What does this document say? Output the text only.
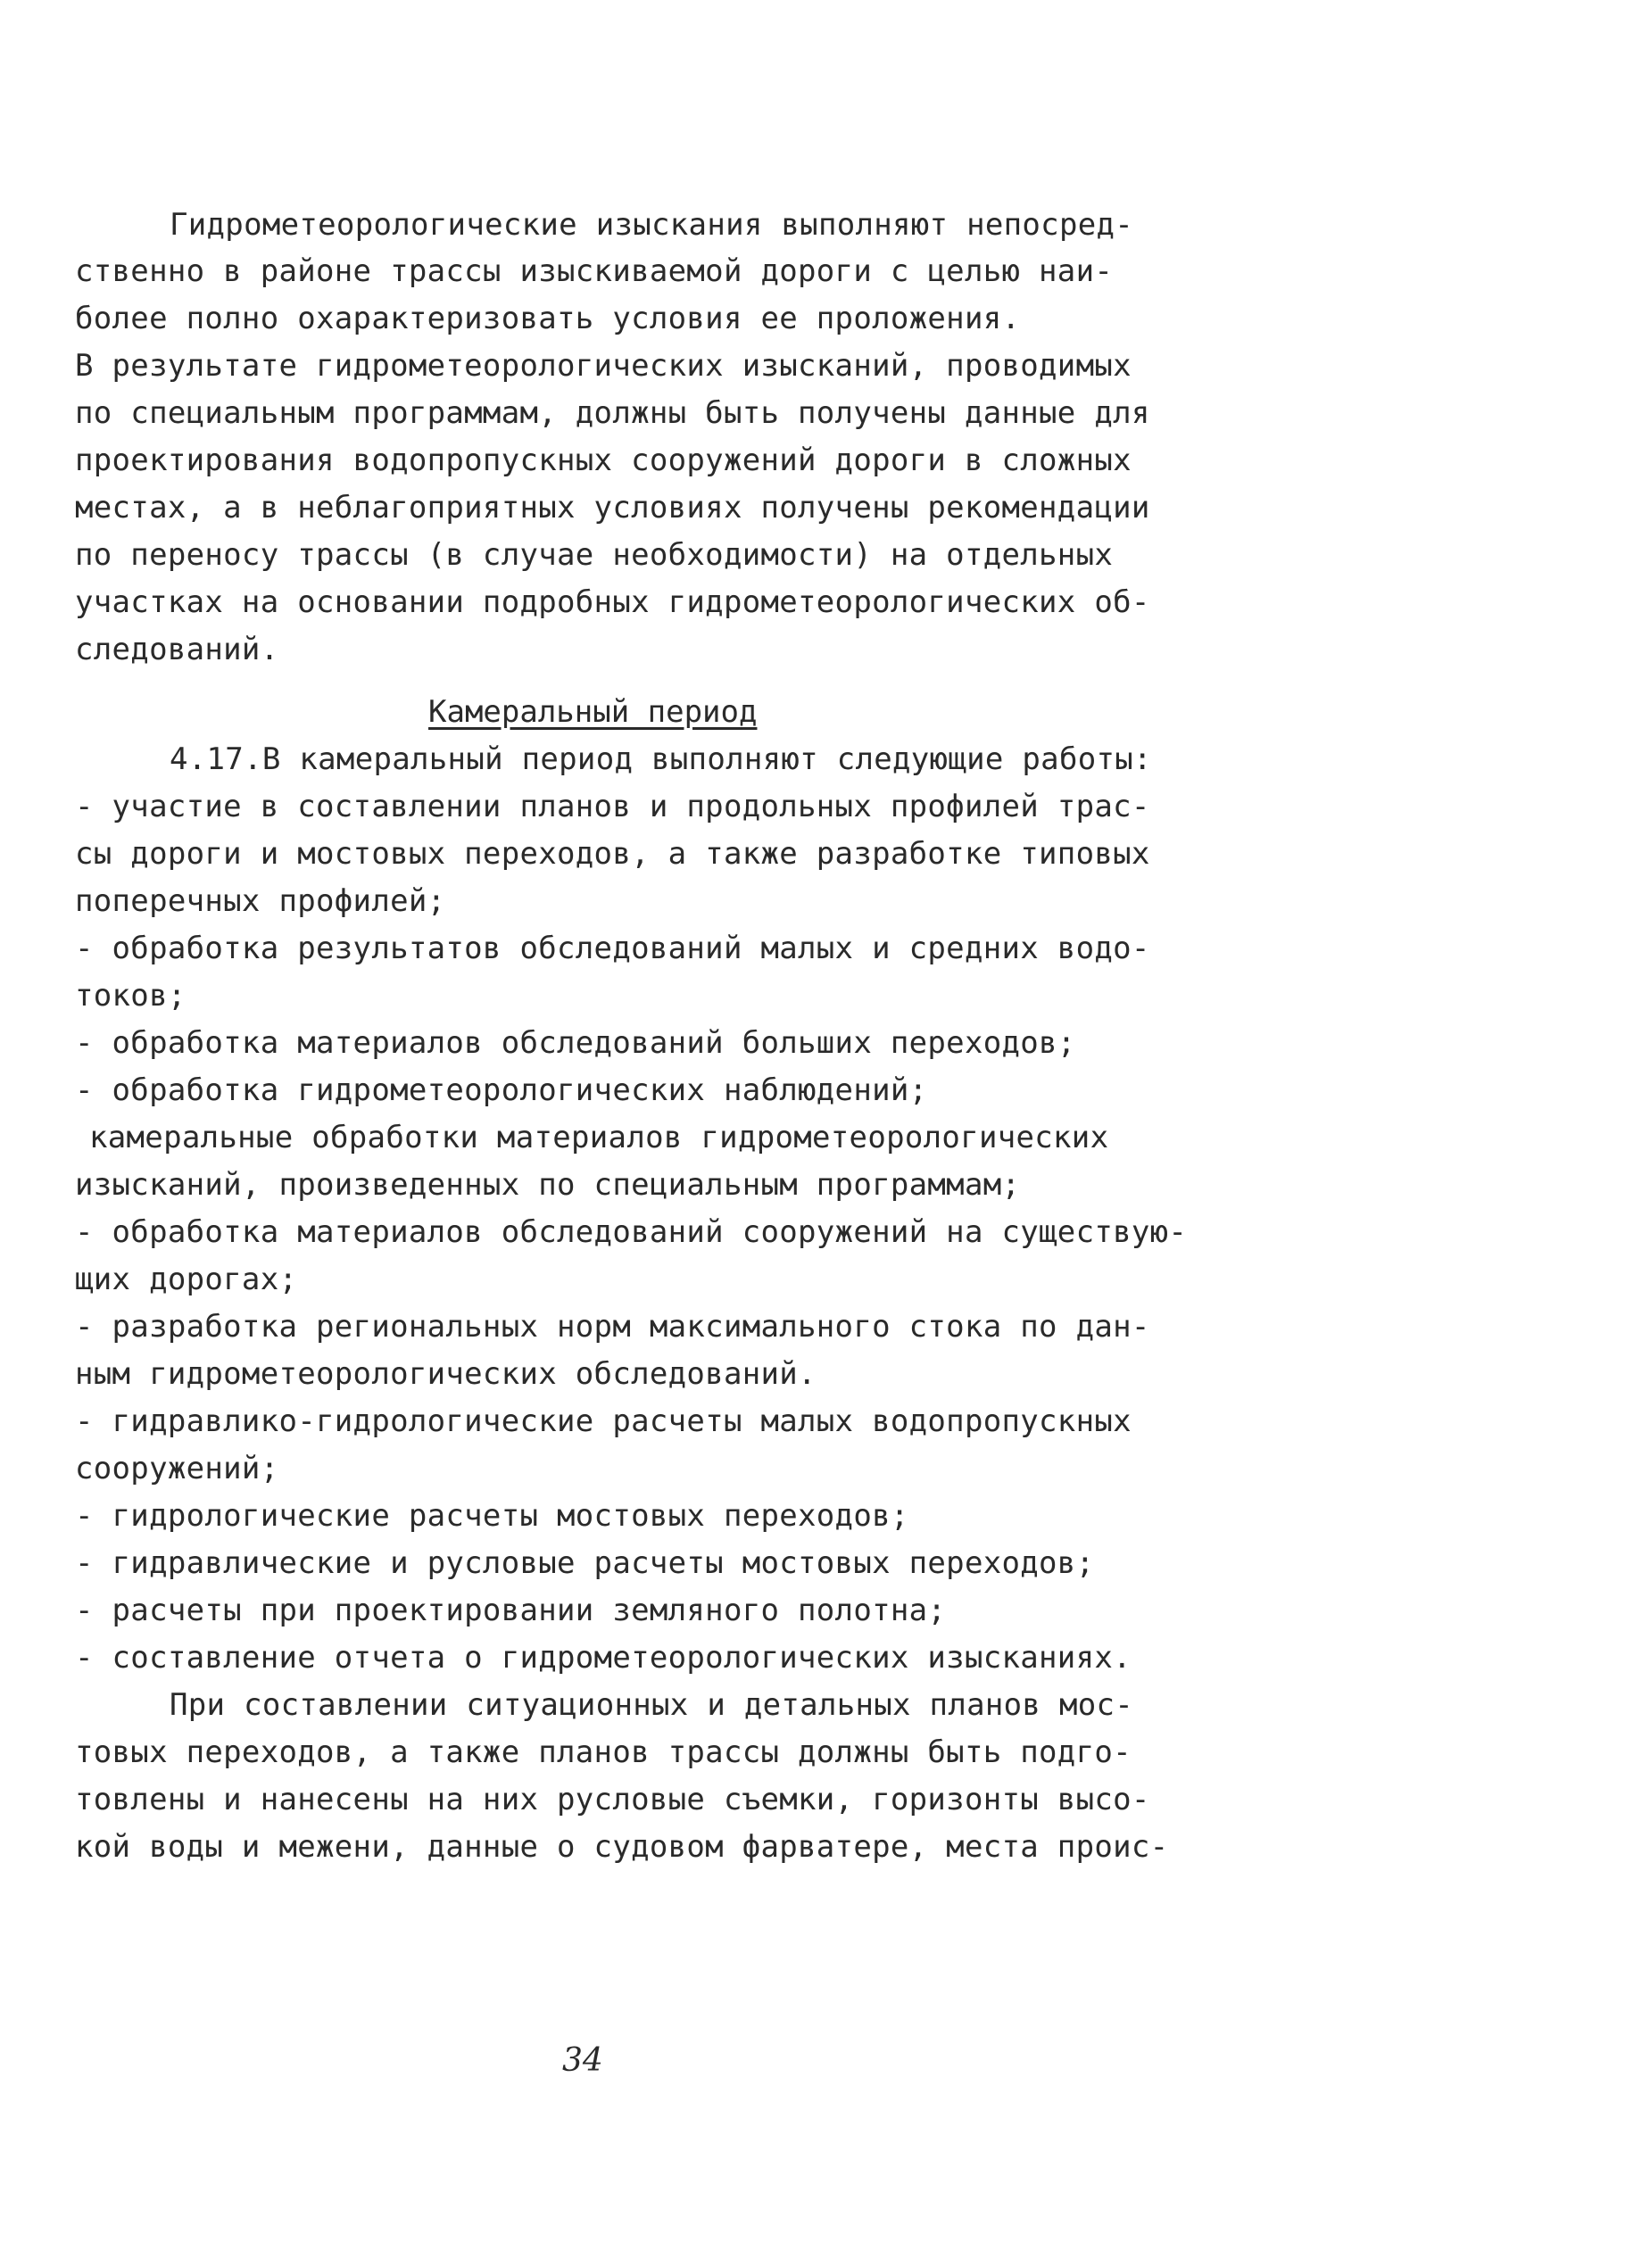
Гидрометеорологические изыскания выполняют непосред-
ственно в районе трассы изыскиваемой дороги с целью наи-
более полно охарактеризовать условия ее проложения.
В результате гидрометеорологических изысканий, проводимых
по специальным программам, должны быть получены данные для
проектирования водопропускных сооружений дороги в сложных
местах, а в неблагоприятных условиях получены рекомендации
по переносу трассы (в случае необходимости) на отдельных
участках на основании подробных гидрометеорологических об-
следований.
Камеральный период
4.17.В камеральный период выполняют следующие работы:
- участие в составлении планов и продольных профилей трас-
сы дороги и мостовых переходов, а также разработке типовых
поперечных профилей;
- обработка результатов обследований малых и средних водо-
токов;
- обработка материалов обследований больших переходов;
- обработка гидрометеорологических наблюдений;
камеральные обработки материалов гидрометеорологических
изысканий, произведенных по специальным программам;
- обработка материалов обследований сооружений на существую-
щих дорогах;
- разработка региональных норм максимального стока по дан-
ным гидрометеорологических обследований.
- гидравлико-гидрологические расчеты малых водопропускных
сооружений;
- гидрологические расчеты мостовых переходов;
- гидравлические и русловые расчеты мостовых переходов;
- расчеты при проектировании земляного полотна;
- составление отчета о гидрометеорологических изысканиях.
При составлении ситуационных и детальных планов мос-
товых переходов, а также планов трассы должны быть подго-
товлены и нанесены на них русловые съемки, горизонты высо-
кой воды и межени, данные о судовом фарватере, места проис-
34
